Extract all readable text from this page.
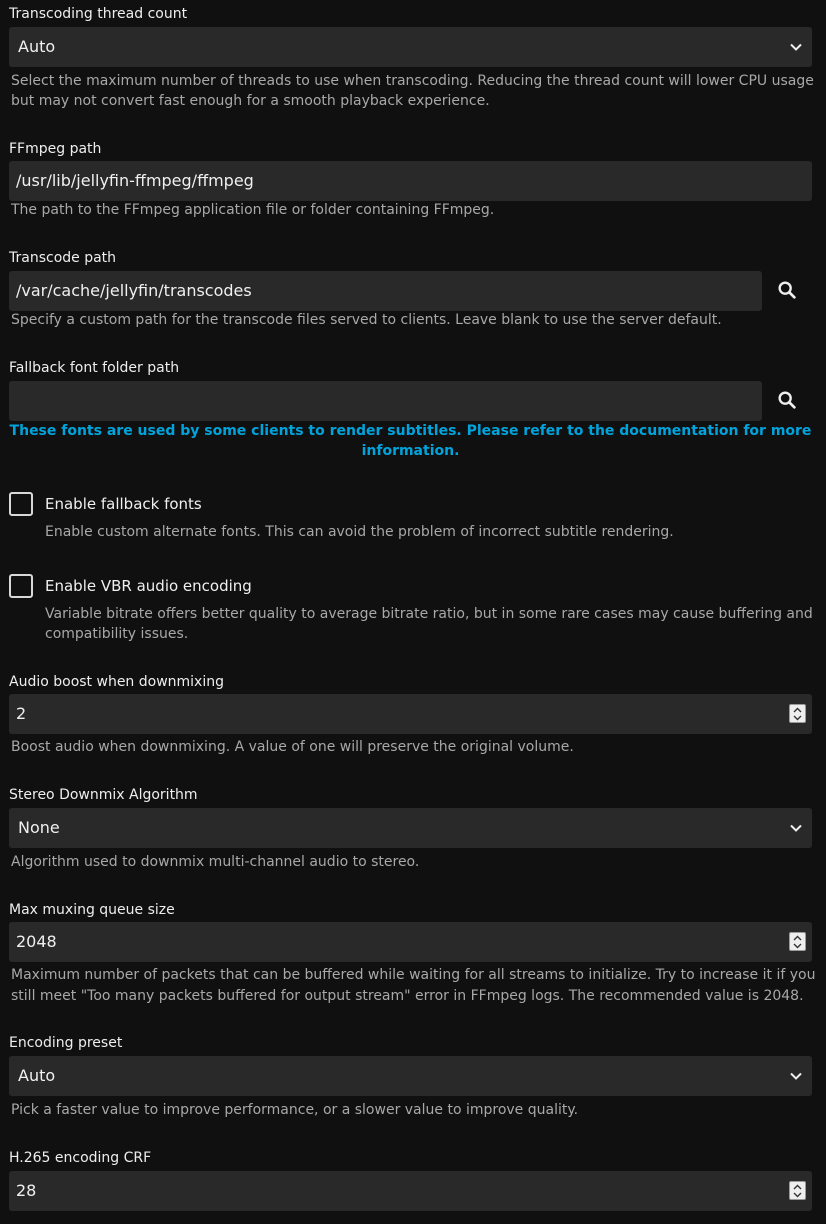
Transcoding thread count
Auto
Select the maximum number of threads to use when transcoding. Reducing the thread count will lower CPU usage
but may not convert fast enough for a smooth playback experience.
FFmpeg path
/usr/lib/jellyfin-ffmpeg/ffmpeg
The path to the FFmpeg application file or folder containing FFmpeg.
Transcode path
/var/cache/jellyfin/transcodes
Specify a custom path for the transcode files served to clients. Leave blank to use the server default.
Fallback font folder path
These fonts are used by some clients to render subtitles. Please refer to the documentation for more
information.
Enable fallback fonts
Enable custom alternate fonts. This can avoid the problem of incorrect subtitle rendering.
Enable VBR audio encoding
Variable bitrate offers better quality to average bitrate ratio, but in some rare cases may cause buffering and
compatibility issues.
Audio boost when downmixing
2
Boost audio when downmixing. A value of one will preserve the original volume.
Stereo Downmix Algorithm
None
Algorithm used to downmix multi-channel audio to stereo.
Max muxing queue size
2048
Maximum number of packets that can be buffered while waiting for all streams to initialize. Try to increase it if you
still meet "Too many packets buffered for output stream" error in FFmpeg logs. The recommended value is 2048.
Encoding preset
Auto
Pick a faster value to improve performance, or a slower value to improve quality.
H.265 encoding CRF
28
